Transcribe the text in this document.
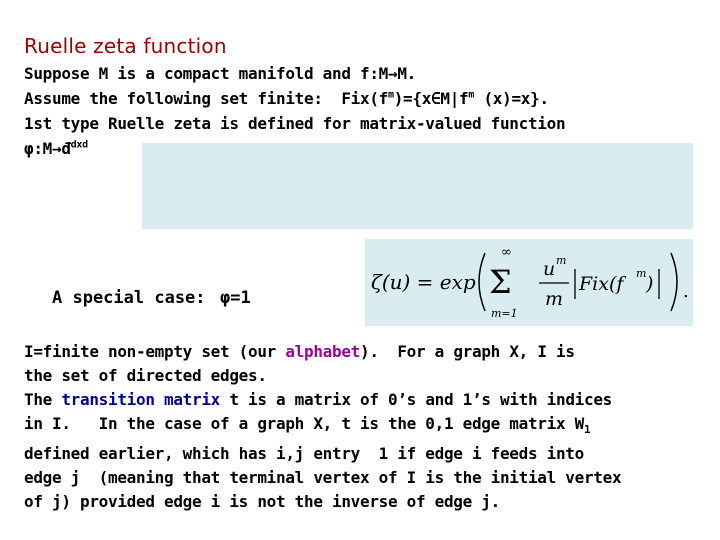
Ruelle zeta function
Suppose M is a compact manifold and f:M→M.
Assume the following set finite:  $Fix(f^m)=\{x\in M|f^m$ (x)=x}.
1st type Ruelle zeta is defined for matrix-valued function
$\varphi:M\to đ^{dxd}$
ζ(u) = exp
∞
Σ
m=1
u m
m
Fix(f m ) .
A special case: φ=1
I=finite non-empty set (our alphabet).  For a graph X, I is
the set of directed edges.
The transition matrix t is a matrix of 0’s and 1’s with indices
in I.   In the case of a graph X, t is the 0,1 edge matrix $W_1$
defined earlier, which has i,j entry  1 if edge i feeds into
edge j  (meaning that terminal vertex of I is the initial vertex
of j) provided edge i is not the inverse of edge j.
